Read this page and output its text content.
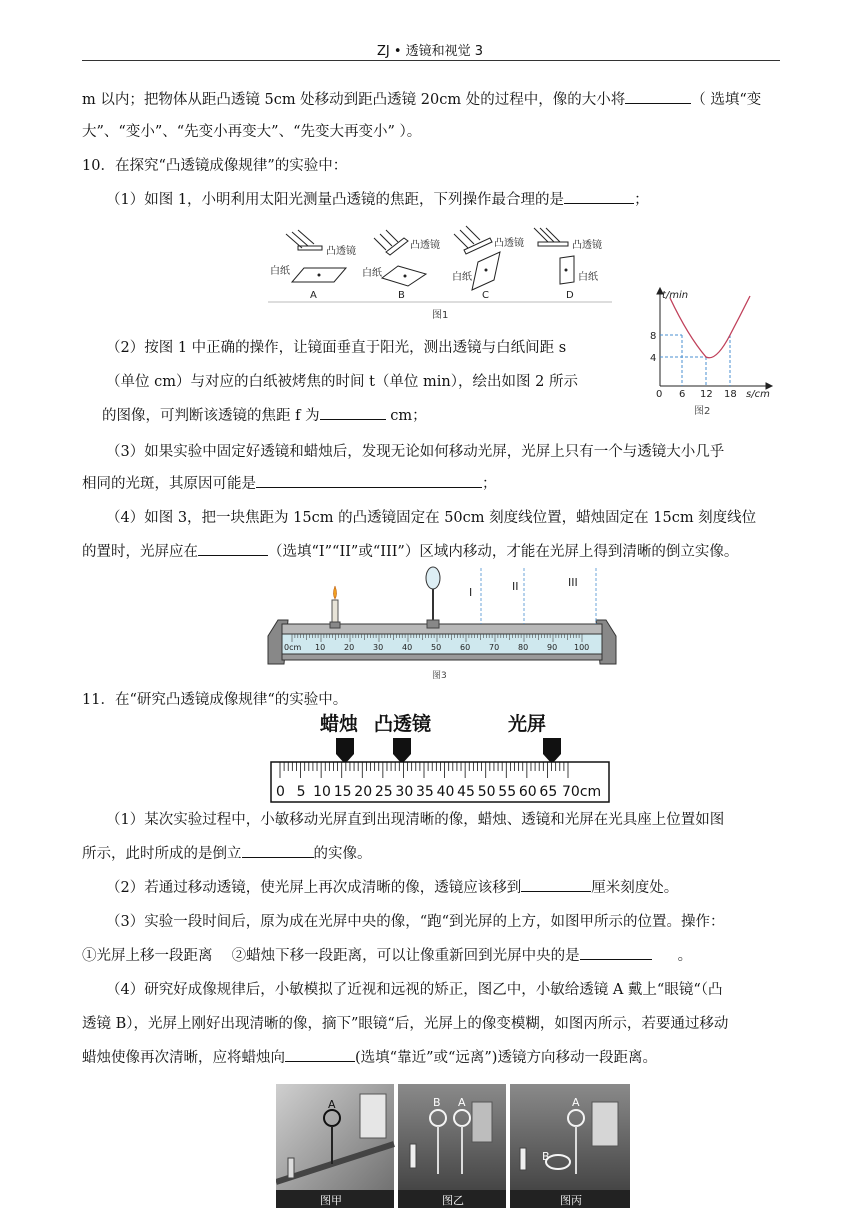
ZJ • 透镜和视觉 3
m 以内；把物体从距凸透镜 5cm 处移动到距凸透镜 20cm 处的过程中，像的大小将	（ 选填“变
大”、“变小”、“先变小再变大”、“先变大再变小” ）。
10．在探究“凸透镜成像规律”的实验中：
（1）如图 1，小明利用太阳光测量凸透镜的焦距，下列操作最合理的是	；
凸透镜
凸透镜	凸透镜	凸透镜
白纸	白纸	白纸	白纸
A	B	C	D
图1
t/min
8
4
0 6 12 18 s/cm
图2
（2）按图 1 中正确的操作，让镜面垂直于阳光，测出透镜与白纸间距 s
（单位 cm）与对应的白纸被烤焦的时间 t（单位 min），绘出如图 2 所示
的图像，可判断该透镜的焦距 f 为	cm；
（3）如果实验中固定好透镜和蜡烛后，发现无论如何移动光屏，光屏上只有一个与透镜大小几乎
相同的光斑，其原因可能是	；
（4）如图 3，把一块焦距为 15cm 的凸透镜固定在 50cm 刻度线位置，蜡烛固定在 15cm 刻度线位
的置时，光屏应在	（选填“I”“II”或“III”）区域内移动，才能在光屏上得到清晰的倒立实像。
0cm 10 20 30 40 50 60 70 80 90 100
I	II	III
图3
11．在“研究凸透镜成像规律“的实验中。
蜡烛 凸透镜	光屏
0 5 10 15 20 25 30 35 40 45 50 55 60 65 70cm
（1）某次实验过程中，小敏移动光屏直到出现清晰的像，蜡烛、透镜和光屏在光具座上位置如图
所示，此时所成的是倒立	的实像。
（2）若通过移动透镜，使光屏上再次成清晰的像，透镜应该移到	厘米刻度处。
（3）实验一段时间后，原为成在光屏中央的像，“跑“到光屏的上方，如图甲所示的位置。操作：
①光屏上移一段距离　 ②蜡烛下移一段距离，可以让像重新回到光屏中央的是	。
（4）研究好成像规律后，小敏模拟了近视和远视的矫正，图乙中，小敏给透镜 A 戴上“眼镜“（凸
透镜 B），光屏上刚好出现清晰的像，摘下”眼镜“后，光屏上的像变模糊，如图丙所示，若要通过移动
蜡烛使像再次清晰，应将蜡烛向	(选填“靠近”或“远离”)透镜方向移动一段距离。
A
图甲
B A
图乙
A
B
图丙
